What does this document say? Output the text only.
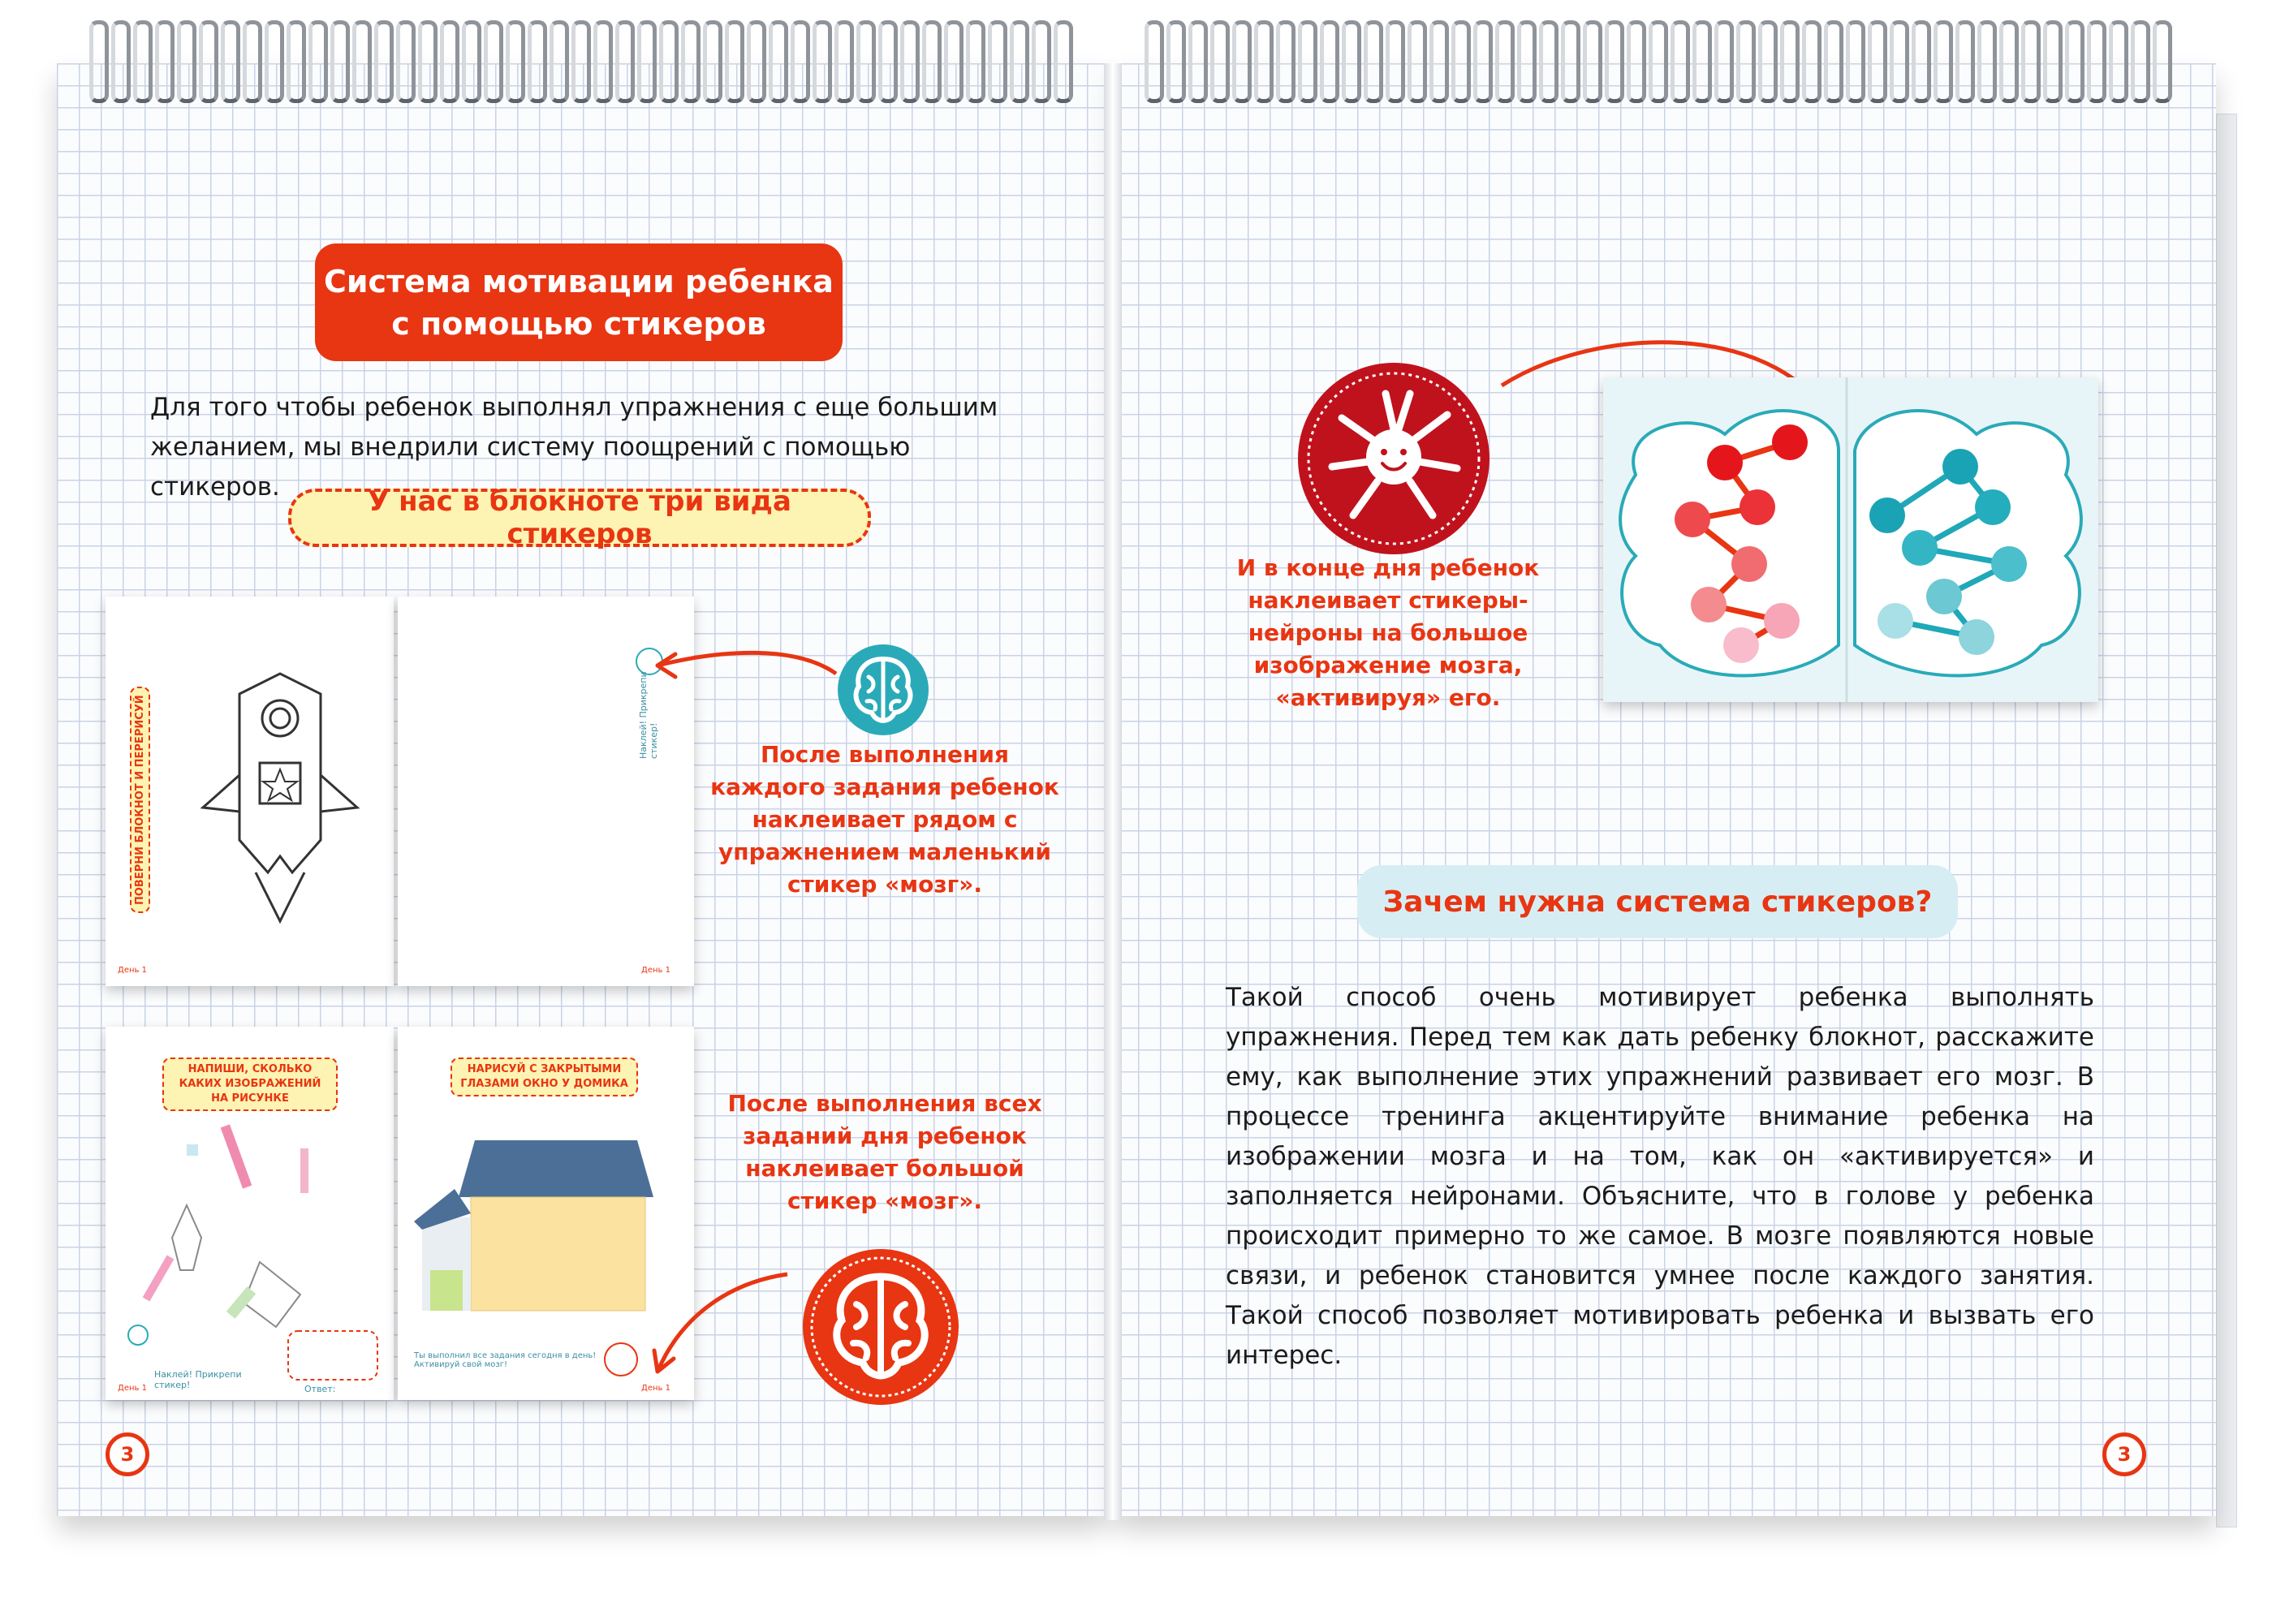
Система мотивации ребенка с помощью стикеров
Для того чтобы ребенок выполнял упражнения с еще большим желанием, мы внедрили систему поощрений с помощью стикеров.	У нас в блокноте три вида стикеров
ПОВЕРНИ БЛОКНОТ И ПЕРЕРИСУЙ
День 1
Наклей! Прикрепи стикер!
День 1
НАПИШИ, СКОЛЬКО КАКИХ ИЗОБРАЖЕНИЙ НА РИСУНКЕ
Наклей! Прикрепи стикер!	Ответ:
День 1
НАРИСУЙ С ЗАКРЫТЫМИ ГЛАЗАМИ ОКНО У ДОМИКА
Ты выполнил все задания сегодня в день! Активируй свой мозг!
День 1
После выполнения каждого задания ребенок наклеивает рядом с упражнением маленький стикер «мозг».
После выполнения всех заданий дня ребенок наклеивает большой стикер «мозг».
3
И в конце дня ребенок наклеивает стикеры-нейроны на большое изображение мозга, «активируя» его.
Зачем нужна система стикеров?
Такой способ очень мотивирует ребенка выполнять упражнения. Перед тем как дать ребенку блокнот, расскажите ему, как выполнение этих упражнений развивает его мозг. В процессе тренинга акцентируйте внимание ребенка на изображении мозга и на том, как он «активируется» и заполняется нейронами. Объясните, что в голове у ребенка происходит примерно то же самое. В мозге появляются новые связи, и ребенок становится умнее после каждого занятия. Такой способ позволяет мотивировать ребенка и вызвать его интерес.
3
